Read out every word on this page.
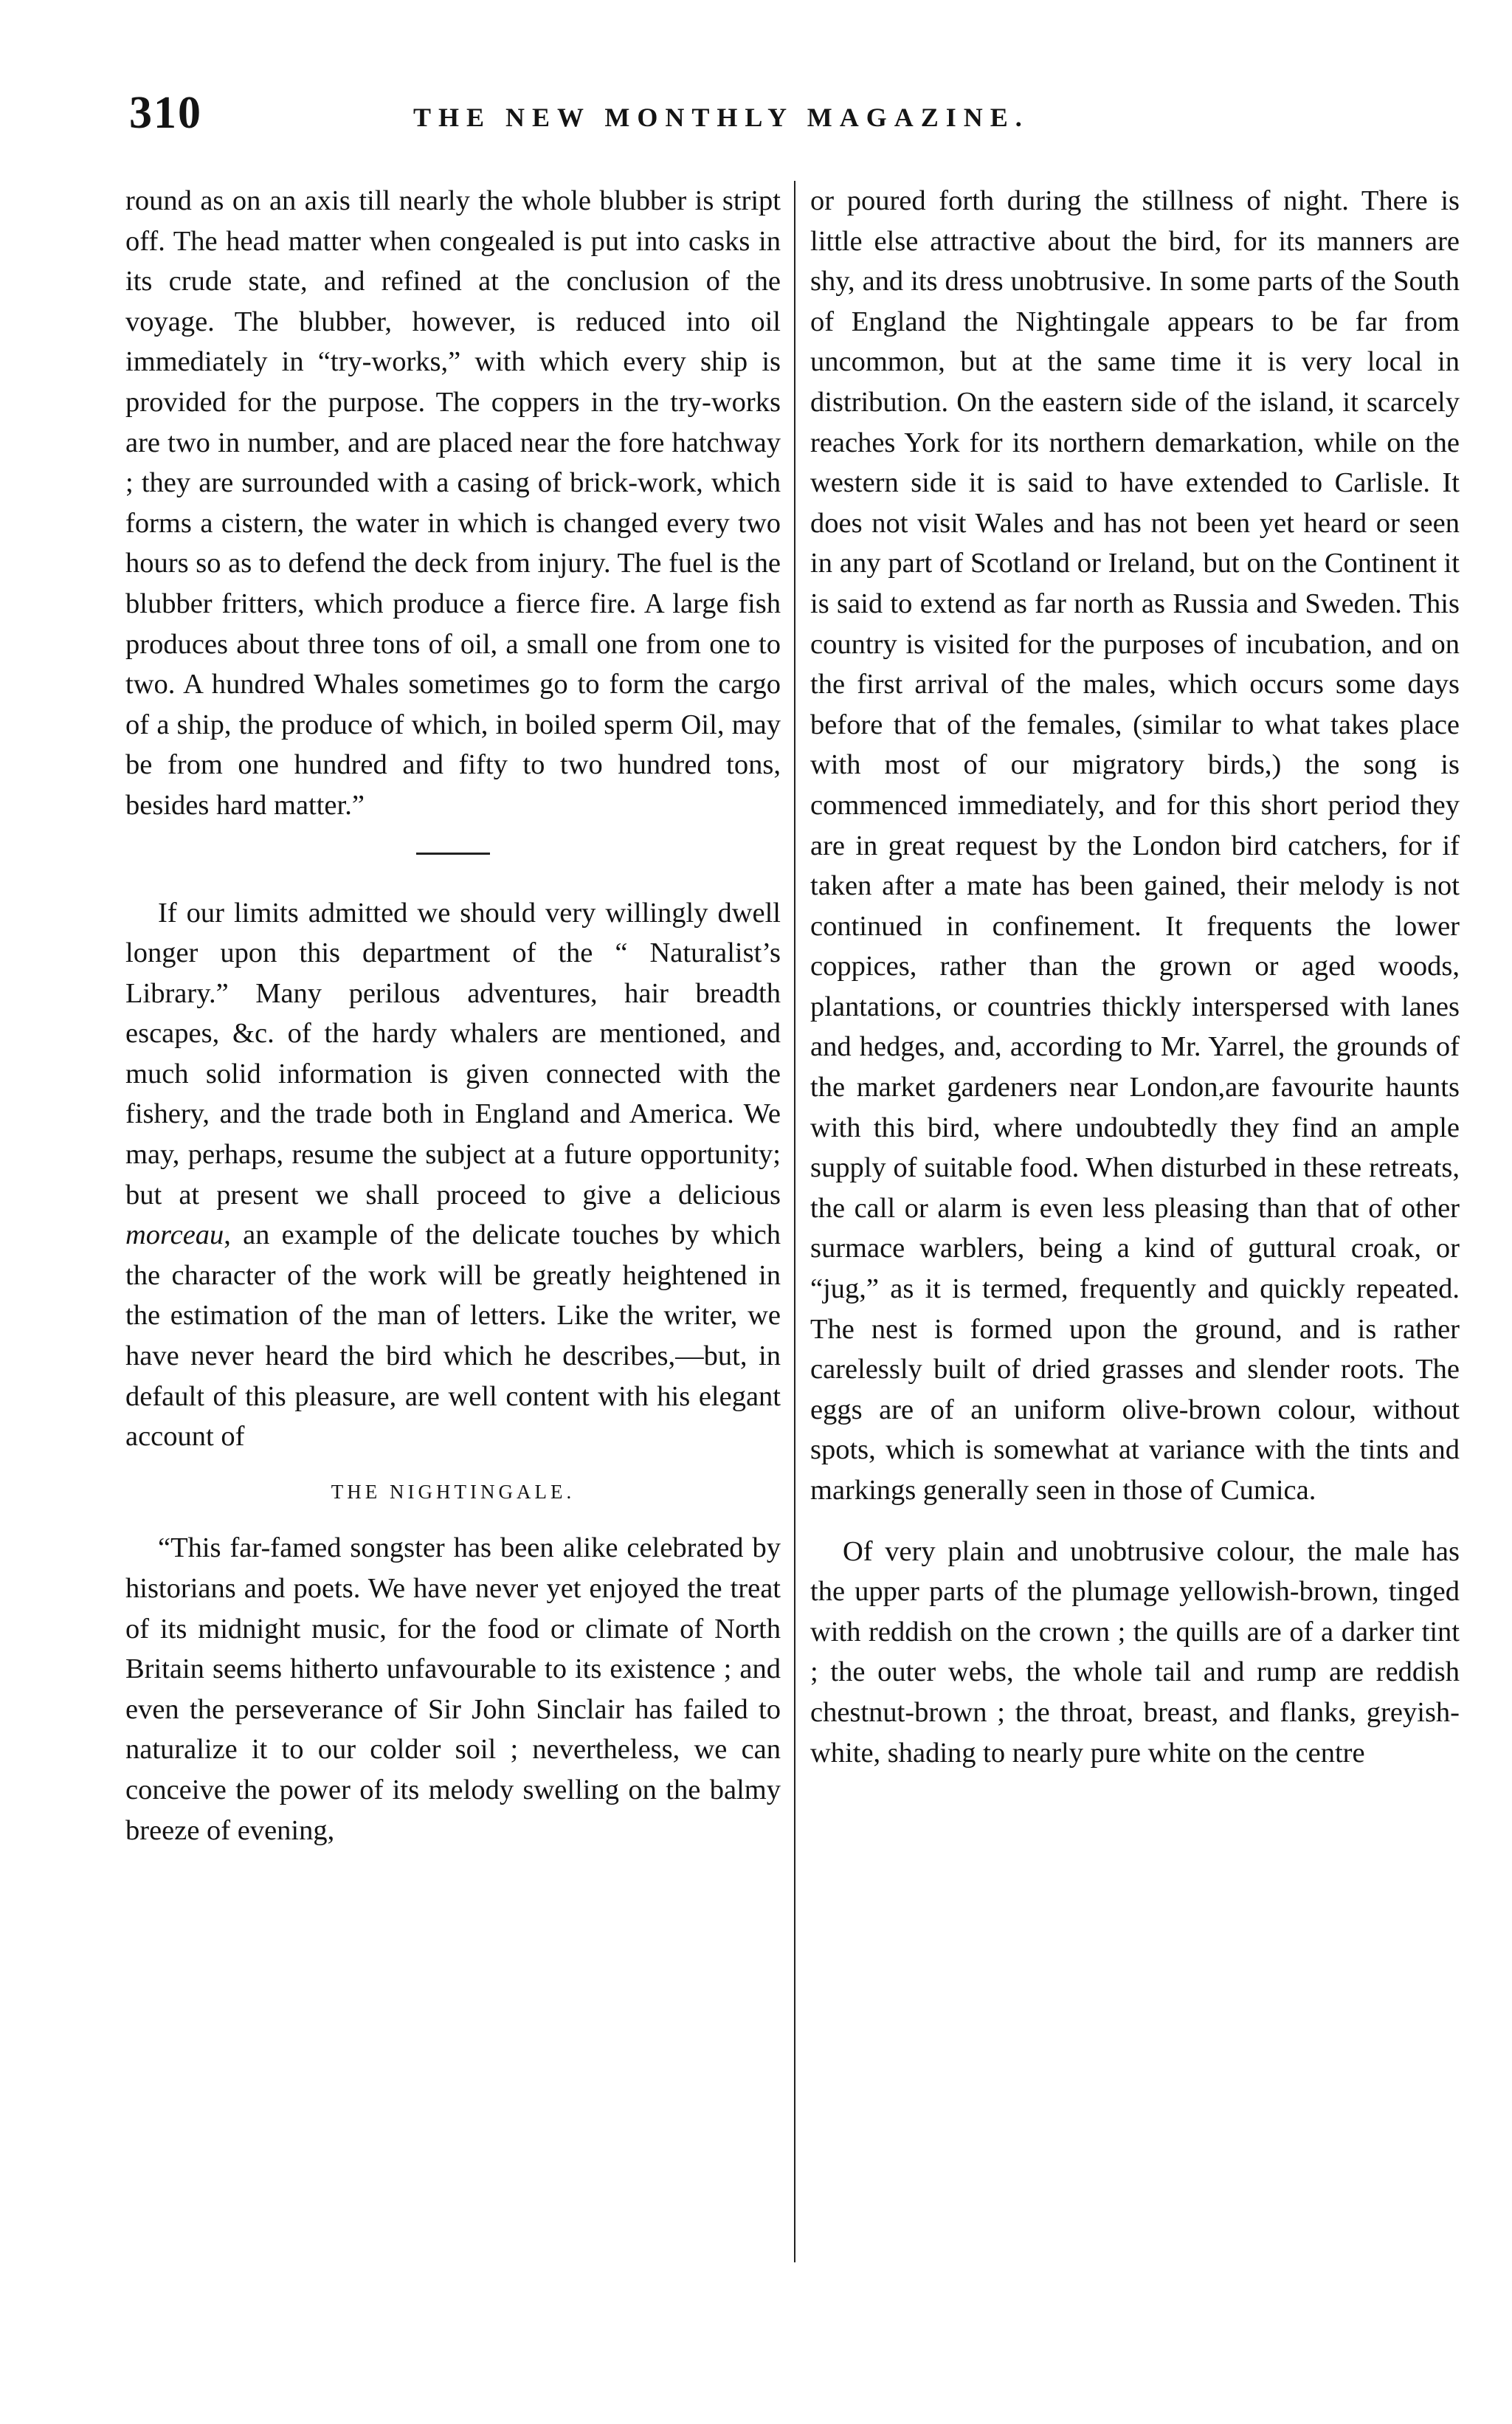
310	THE NEW MONTHLY MAGAZINE.

round as on an axis till nearly the whole blubber is stript off. The head matter when congealed is put into casks in its crude state, and refined at the conclusion of the voyage. The blubber, however, is reduced into oil immediately in “try-works,” with which every ship is provided for the purpose. The coppers in the try-works are two in number, and are placed near the fore hatchway ; they are surrounded with a casing of brick-work, which forms a cistern, the water in which is changed every two hours so as to defend the deck from injury. The fuel is the blubber fritters, which produce a fierce fire. A large fish produces about three tons of oil, a small one from one to two. A hundred Whales sometimes go to form the cargo of a ship, the produce of which, in boiled sperm Oil, may be from one hundred and fifty to two hundred tons, besides hard matter.”

If our limits admitted we should very willingly dwell longer upon this department of the “ Naturalist’s Library.” Many perilous adventures, hair breadth escapes, &c. of the hardy whalers are mentioned, and much solid information is given connected with the fishery, and the trade both in England and America. We may, perhaps, resume the subject at a future opportunity; but at present we shall proceed to give a delicious morceau, an example of the delicate touches by which the character of the work will be greatly heightened in the estimation of the man of letters. Like the writer, we have never heard the bird which he describes,—but, in default of this pleasure, are well content with his elegant account of

THE NIGHTINGALE.

“This far-famed songster has been alike celebrated by historians and poets. We have never yet enjoyed the treat of its midnight music, for the food or climate of North Britain seems hitherto unfavourable to its existence ; and even the perseverance of Sir John Sinclair has failed to naturalize it to our colder soil ; nevertheless, we can conceive the power of its melody swelling on the balmy breeze of evening,

or poured forth during the stillness of night. There is little else attractive about the bird, for its manners are shy, and its dress unobtrusive. In some parts of the South of England the Nightingale appears to be far from uncommon, but at the same time it is very local in distribution. On the eastern side of the island, it scarcely reaches York for its northern demarkation, while on the western side it is said to have extended to Carlisle. It does not visit Wales and has not been yet heard or seen in any part of Scotland or Ireland, but on the Continent it is said to extend as far north as Russia and Sweden. This country is visited for the purposes of incubation, and on the first arrival of the males, which occurs some days before that of the females, (similar to what takes place with most of our migratory birds,) the song is commenced immediately, and for this short period they are in great request by the London bird catchers, for if taken after a mate has been gained, their melody is not continued in confinement. It frequents the lower coppices, rather than the grown or aged woods, plantations, or countries thickly interspersed with lanes and hedges, and, according to Mr. Yarrel, the grounds of the market gardeners near London,are favourite haunts with this bird, where undoubtedly they find an ample supply of suitable food. When disturbed in these retreats, the call or alarm is even less pleasing than that of other surmace warblers, being a kind of guttural croak, or “jug,” as it is termed, frequently and quickly repeated. The nest is formed upon the ground, and is rather carelessly built of dried grasses and slender roots. The eggs are of an uniform olive-brown colour, without spots, which is somewhat at variance with the tints and markings generally seen in those of Cumica.

Of very plain and unobtrusive colour, the male has the upper parts of the plumage yellowish-brown, tinged with reddish on the crown ; the quills are of a darker tint ; the outer webs, the whole tail and rump are reddish chestnut-brown ; the throat, breast, and flanks, greyish-white, shading to nearly pure white on the centre
